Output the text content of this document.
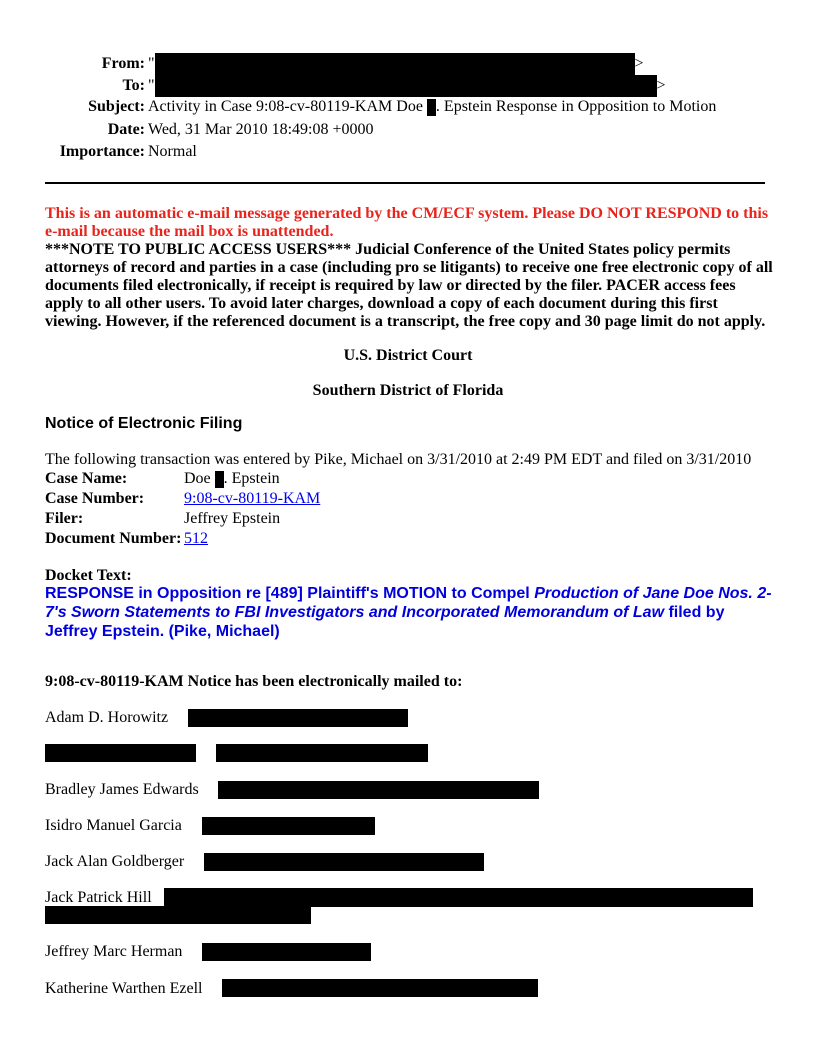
From: "	>
To: "	>
Subject: Activity in Case 9:08-cv-80119-KAM Doe . Epstein Response in Opposition to Motion
Date: Wed, 31 Mar 2010 18:49:08 +0000
Importance: Normal
This is an automatic e-mail message generated by the CM/ECF system. Please DO NOT RESPOND to this e-mail because the mail box is unattended.
***NOTE TO PUBLIC ACCESS USERS*** Judicial Conference of the United States policy permits attorneys of record and parties in a case (including pro se litigants) to receive one free electronic copy of all documents filed electronically, if receipt is required by law or directed by the filer. PACER access fees apply to all other users. To avoid later charges, download a copy of each document during this first viewing. However, if the referenced document is a transcript, the free copy and 30 page limit do not apply.
U.S. District Court
Southern District of Florida
Notice of Electronic Filing
The following transaction was entered by Pike, Michael on 3/31/2010 at 2:49 PM EDT and filed on 3/31/2010
Case Name:	Doe . Epstein
Case Number:	9:08-cv-80119-KAM
Filer:	Jeffrey Epstein
Document Number:	512
Docket Text:
RESPONSE in Opposition re [489] Plaintiff's MOTION to Compel Production of Jane Doe Nos. 2-7's Sworn Statements to FBI Investigators and Incorporated Memorandum of Law filed by Jeffrey Epstein. (Pike, Michael)
9:08-cv-80119-KAM Notice has been electronically mailed to:
Adam D. Horowitz
Bradley James Edwards
Isidro Manuel Garcia
Jack Alan Goldberger
Jack Patrick Hill
Jeffrey Marc Herman
Katherine Warthen Ezell
